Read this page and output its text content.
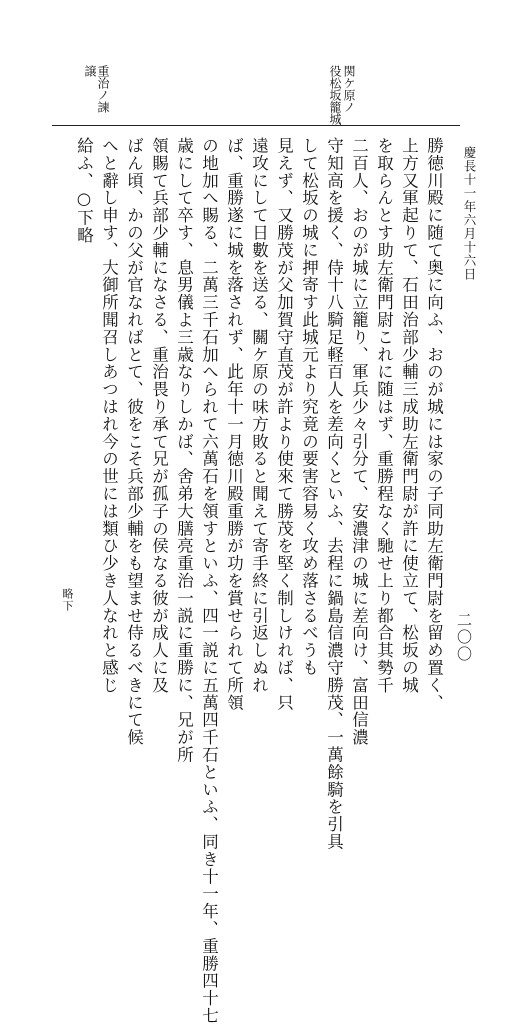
二〇〇
関ケ原ノ
役松坂籠城
重治ノ諫
譲
慶長十一年六月十六日
勝徳川殿に随て奥に向ふ、おのが城には家の子同助左衛門尉を留め置く、
上方又軍起りて、石田治部少輔三成助左衛門尉が許に使立て、松坂の城
を取らんとす助左衛門尉これに随はず、重勝程なく馳せ上り都合其勢千
二百人、おのが城に立籠り、軍兵少々引分て、安濃津の城に差向け、富田信濃
守知高を援く、侍十八騎足軽百人を差向くといふ、去程に鍋島信濃守勝茂、一萬餘騎を引具
して松坂の城に押寄す此城元より究竟の要害容易く攻め落さるべうも
見えず、又勝茂が父加賀守直茂が許より使來て勝茂を堅く制しければ、只
遠攻にして日數を送る、關ケ原の味方敗ると聞えて寄手終に引返しぬれ
ば、重勝遂に城を落されず、此年十一月徳川殿重勝が功を賞せられて所領
の地加へ賜る、二萬三千石加へられて六萬石を領すといふ、四一説に五萬四千石といふ、同き十一年、重勝四十七
歳にして卒す、息男儀よ三歳なりしかば、舍弟大膳亮重治一説に重勝に、兄が所
領賜て兵部少輔になさる、重治畏り承て兄が孤子の侯なる彼が成人に及
ばん頃、かの父が官なればとて、彼をこそ兵部少輔をも望ませ侍るべきにて候
へと辭し申す、大御所聞召しあつはれ今の世には類ひ少き人なれと感じ
給ふ、○下略
略下
